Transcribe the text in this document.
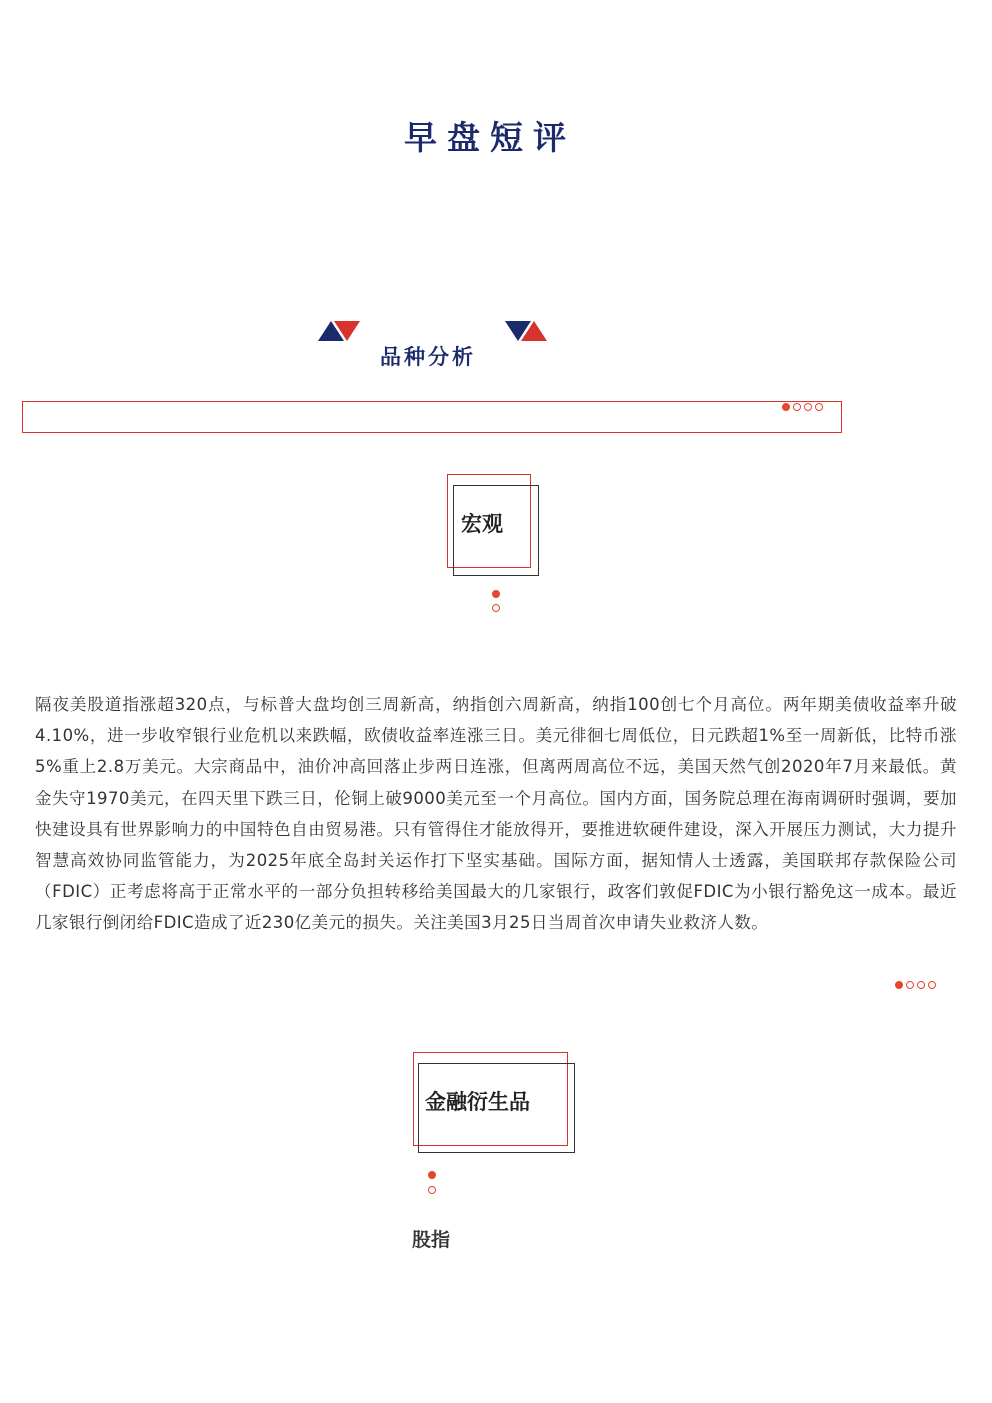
早盘短评
品种分析
宏观
隔夜美股道指涨超320点，与标普大盘均创三周新高，纳指创六周新高，纳指100创七个月高位。两年期美债收益率升破4.10%，进一步收窄银行业危机以来跌幅，欧债收益率连涨三日。美元徘徊七周低位，日元跌超1%至一周新低，比特币涨5%重上2.8万美元。大宗商品中，油价冲高回落止步两日连涨，但离两周高位不远，美国天然气创2020年7月来最低。黄金失守1970美元，在四天里下跌三日，伦铜上破9000美元至一个月高位。国内方面，国务院总理在海南调研时强调，要加快建设具有世界影响力的中国特色自由贸易港。只有管得住才能放得开，要推进软硬件建设，深入开展压力测试，大力提升智慧高效协同监管能力，为2025年底全岛封关运作打下坚实基础。国际方面，据知情人士透露，美国联邦存款保险公司（FDIC）正考虑将高于正常水平的一部分负担转移给美国最大的几家银行，政客们敦促FDIC为小银行豁免这一成本。最近几家银行倒闭给FDIC造成了近230亿美元的损失。关注美国3月25日当周首次申请失业救济人数。
金融衍生品
股指
